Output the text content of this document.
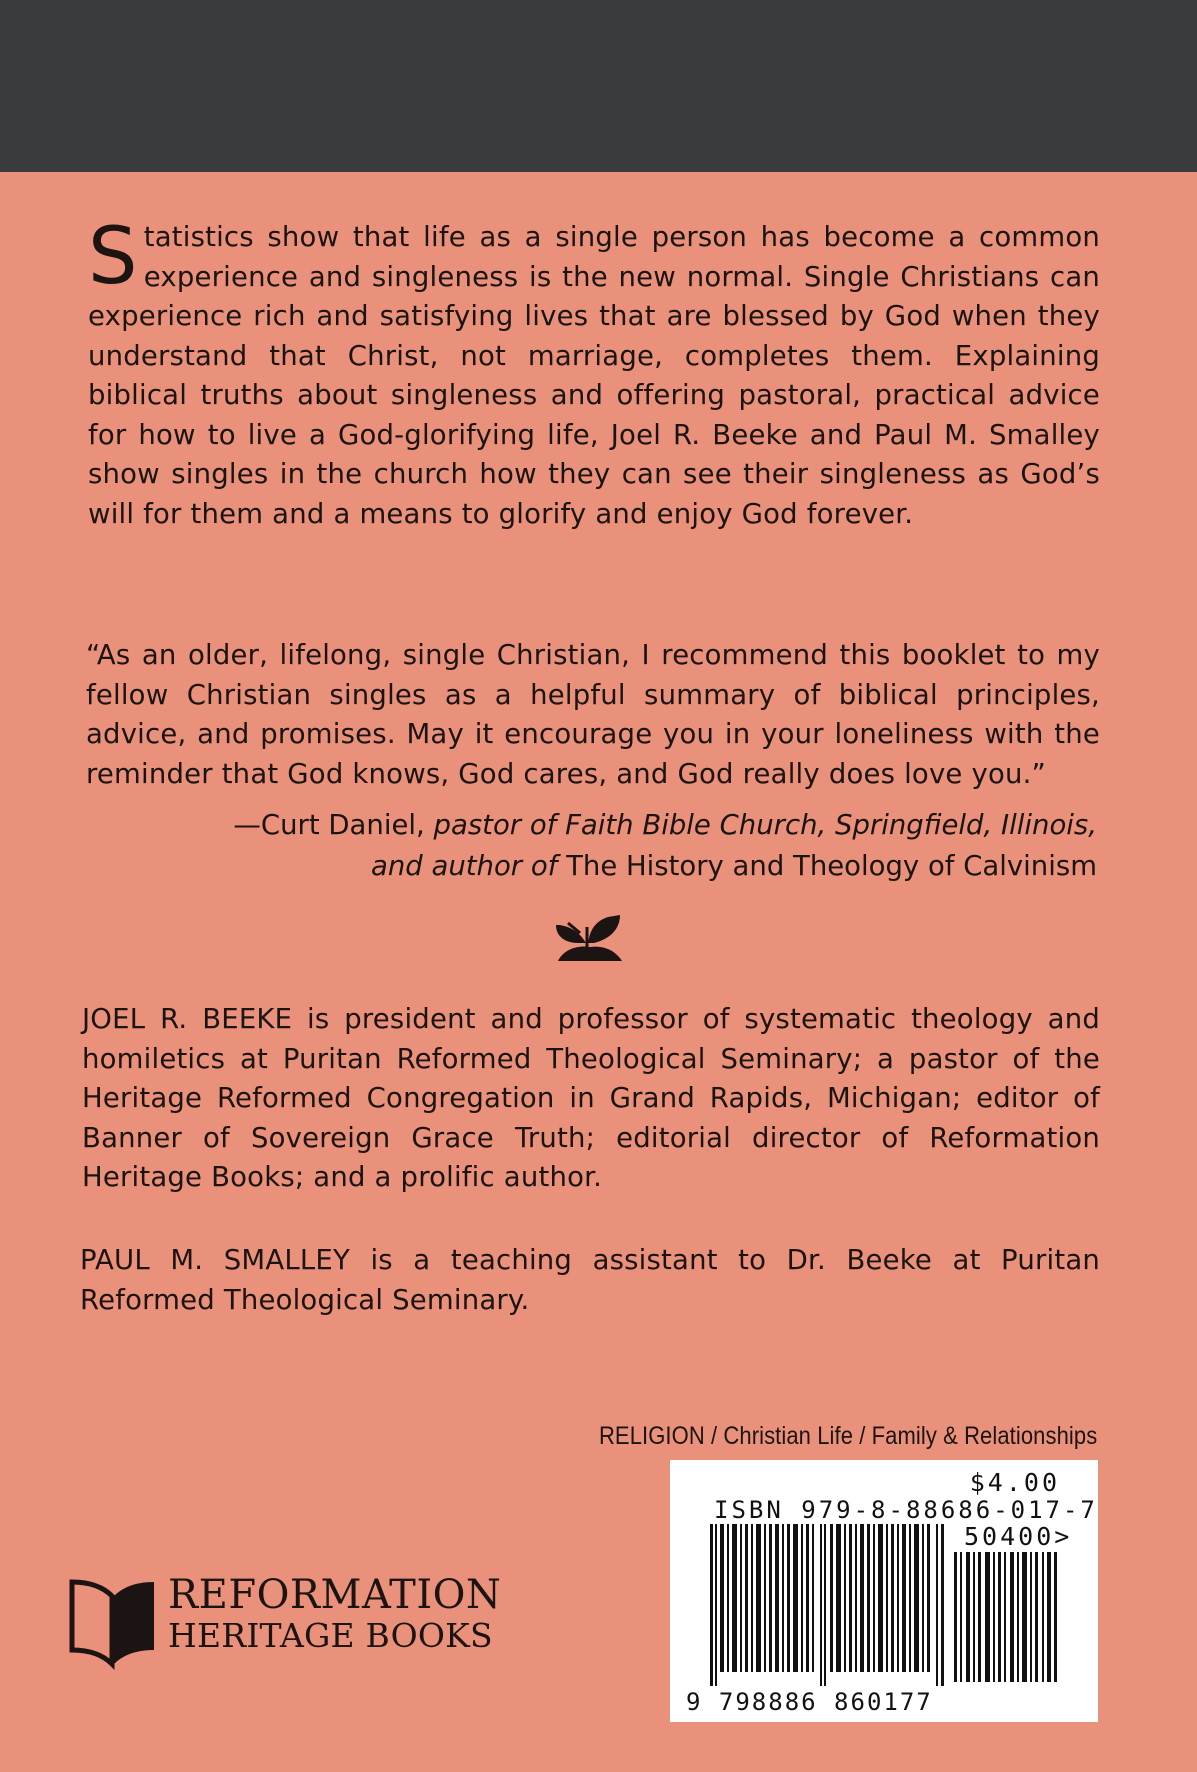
Statistics show that life as a single person has become a common experience and singleness is the new normal. Single Christians can experience rich and satisfying lives that are blessed by God when they understand that Christ, not marriage, completes them. Explaining biblical truths about singleness and offering pastoral, practical advice for how to live a God-glorifying life, Joel R. Beeke and Paul M. Smalley show singles in the church how they can see their singleness as God’s will for them and a means to glorify and enjoy God forever.
“As an older, lifelong, single Christian, I recommend this booklet to my fellow Christian singles as a helpful summary of biblical principles, advice, and promises. May it encourage you in your loneliness with the reminder that God knows, God cares, and God really does love you.”
—Curt Daniel, pastor of Faith Bible Church, Springfield, Illinois,
and author of The History and Theology of Calvinism
JOEL R. BEEKE is president and professor of systematic theology and homiletics at Puritan Reformed Theological Seminary; a pastor of the Heritage Reformed Congregation in Grand Rapids, Michigan; editor of Banner of Sovereign Grace Truth; editorial director of Reformation Heritage Books; and a prolific author.
PAUL M. SMALLEY is a teaching assistant to Dr. Beeke at Puritan Reformed Theological Seminary.
RELIGION / Christian Life / Family & Relationships
$4.00
ISBN 979-8-88686-017-7
50400>
9 798886 860177
REFORMATION
HERITAGE BOOKS
